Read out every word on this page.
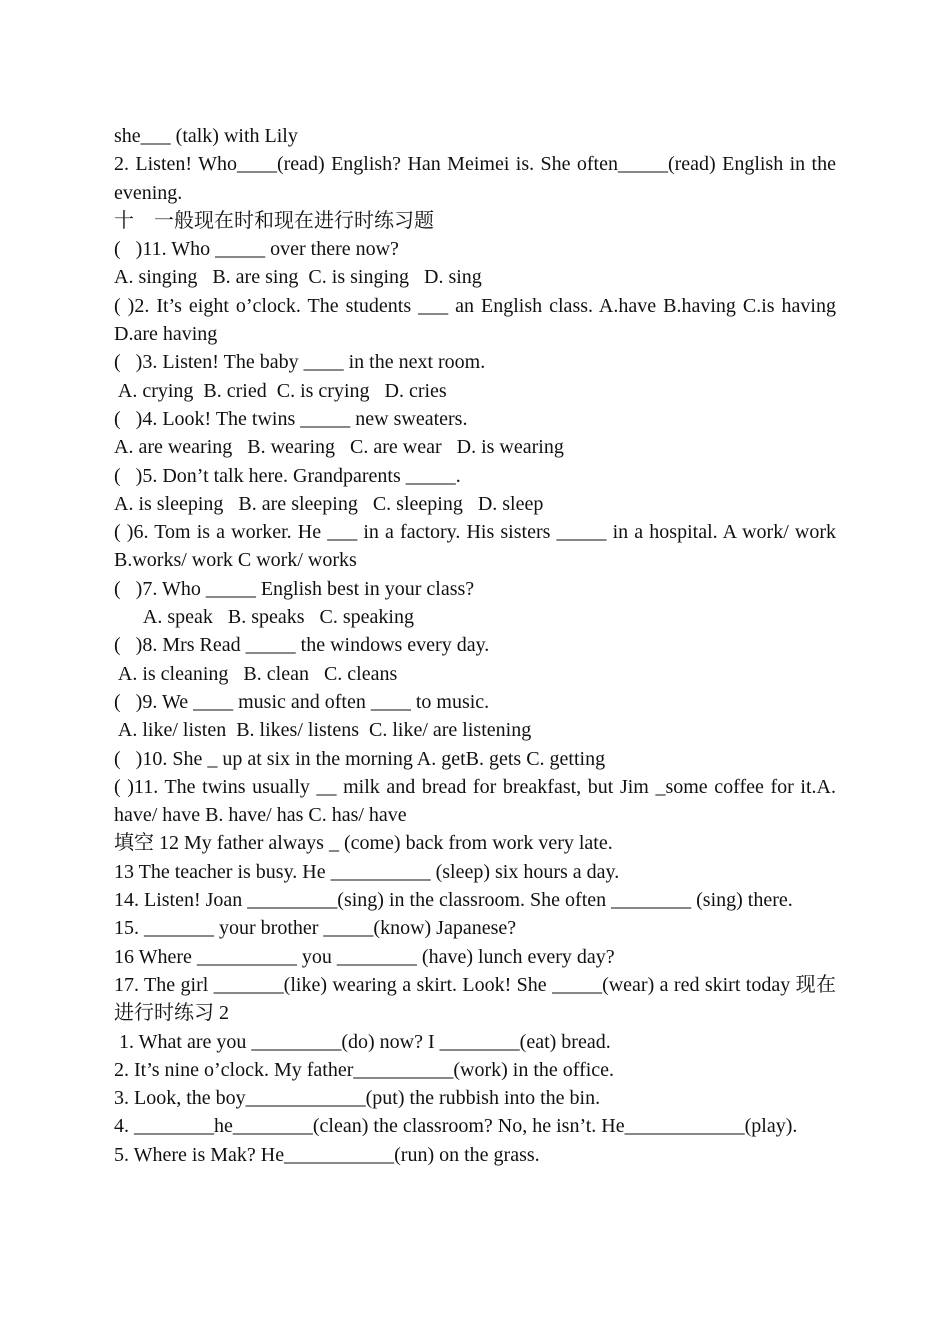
she___ (talk) with Lily
2. Listen! Who____(read) English? Han Meimei is. She often_____(read) English in the evening.
十　一般现在时和现在进行时练习题
(   )11. Who _____ over there now?
A. singing   B. are sing  C. is singing   D. sing
( )2. It’s eight o’clock. The students ___ an English class. A.have B.having C.is having D.are having
(   )3. Listen! The baby ____ in the next room.
A. crying  B. cried  C. is crying   D. cries
(   )4. Look! The twins _____ new sweaters.
A. are wearing   B. wearing   C. are wear   D. is wearing
(   )5. Don’t talk here. Grandparents _____.
A. is sleeping   B. are sleeping   C. sleeping   D. sleep
( )6. Tom is a worker. He ___ in a factory. His sisters _____ in a hospital. A work/ work B.works/ work C work/ works
(   )7. Who _____ English best in your class?
A. speak   B. speaks   C. speaking
(   )8. Mrs Read _____ the windows every day.
A. is cleaning   B. clean   C. cleans
(   )9. We ____ music and often ____ to music.
A. like/ listen  B. likes/ listens  C. like/ are listening
(   )10. She _ up at six in the morning A. getB. gets C. getting
( )11. The twins usually __ milk and bread for breakfast, but Jim _some coffee for it.A. have/ have B. have/ has C. has/ have
填空 12 My father always _ (come) back from work very late.
13 The teacher is busy. He __________ (sleep) six hours a day.
14. Listen! Joan _________(sing) in the classroom. She often ________ (sing) there.
15. _______ your brother _____(know) Japanese?
16 Where __________ you ________ (have) lunch every day?
17. The girl _______(like) wearing a skirt. Look! She _____(wear) a red skirt today 现在进行时练习 2
1. What are you _________(do) now? I ________(eat) bread.
2. It’s nine o’clock. My father__________(work) in the office.
3. Look, the boy____________(put) the rubbish into the bin.
4. ________he________(clean) the classroom? No, he isn’t. He____________(play).
5. Where is Mak? He___________(run) on the grass.
